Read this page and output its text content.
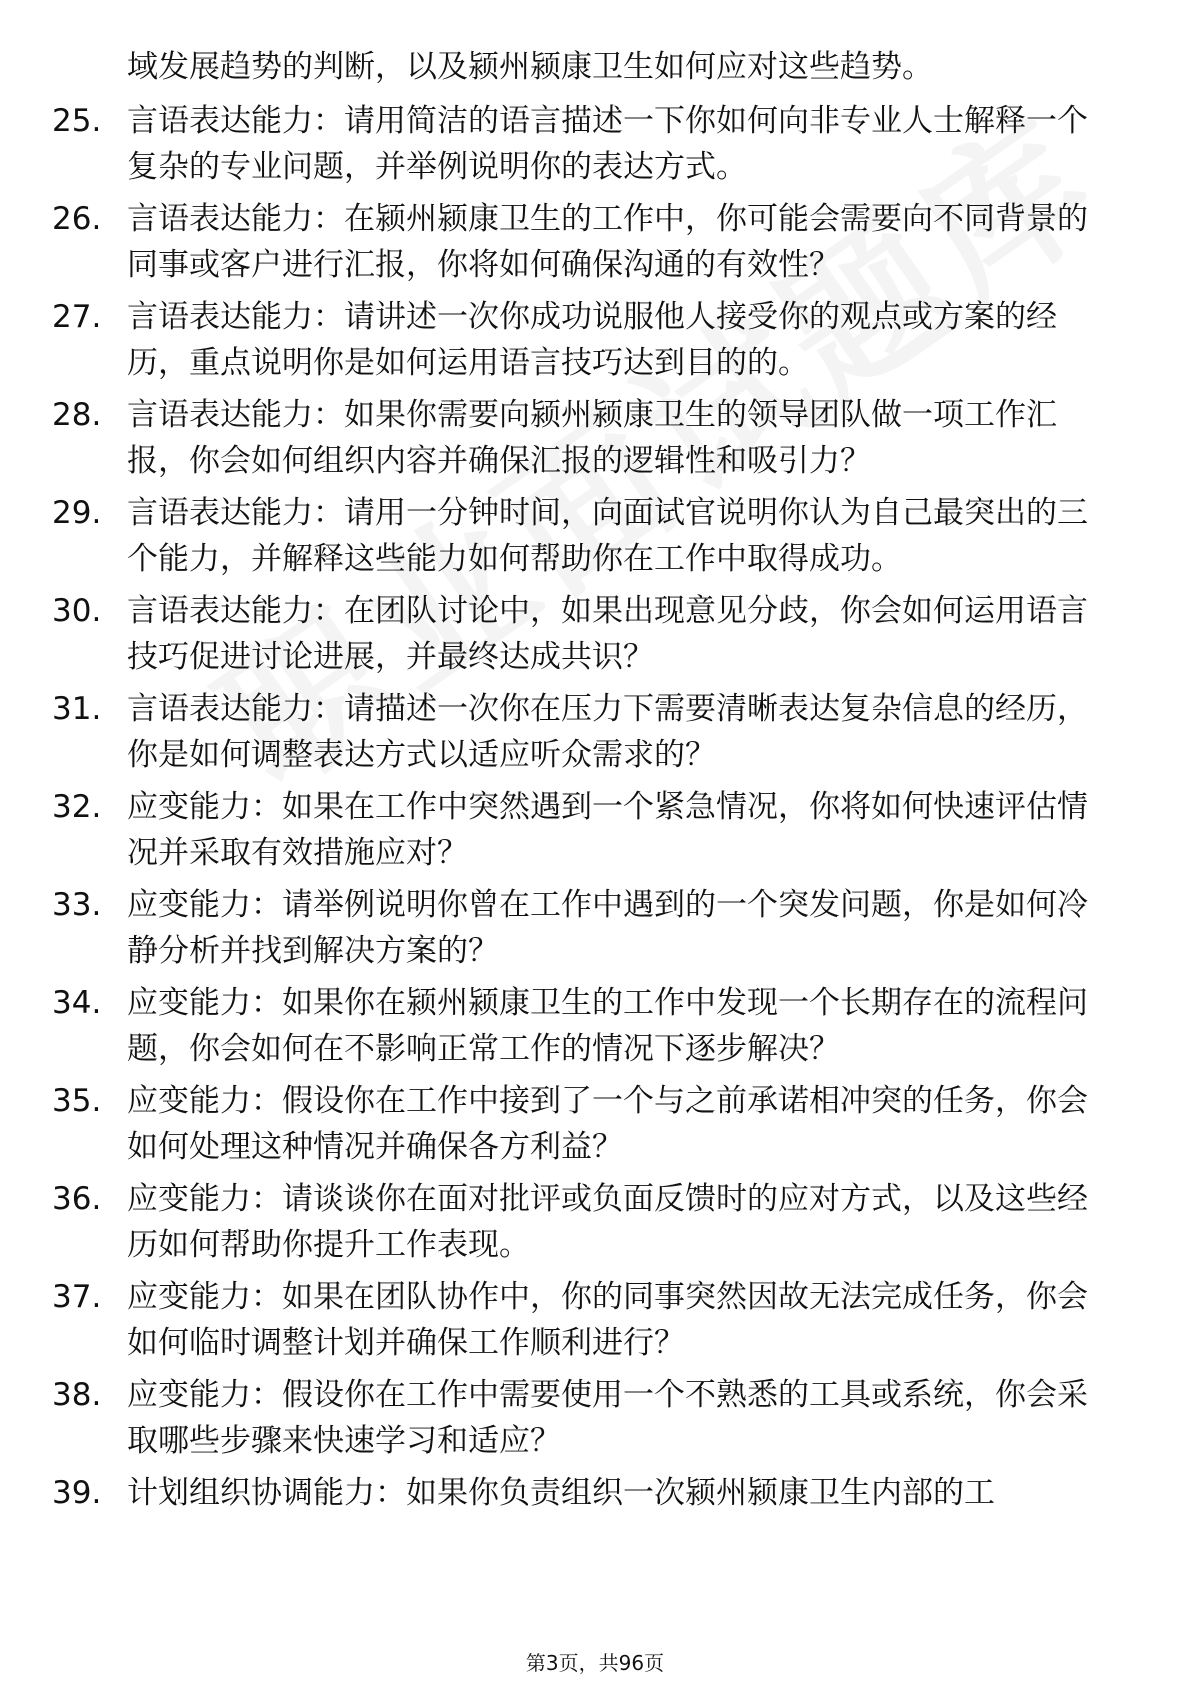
域发展趋势的判断，以及颍州颍康卫生如何应对这些趋势。
25. 言语表达能力：请用简洁的语言描述一下你如何向非专业人士解释一个复杂的专业问题，并举例说明你的表达方式。
26. 言语表达能力：在颍州颍康卫生的工作中，你可能会需要向不同背景的同事或客户进行汇报，你将如何确保沟通的有效性？
27. 言语表达能力：请讲述一次你成功说服他人接受你的观点或方案的经历，重点说明你是如何运用语言技巧达到目的的。
28. 言语表达能力：如果你需要向颍州颍康卫生的领导团队做一项工作汇报，你会如何组织内容并确保汇报的逻辑性和吸引力？
29. 言语表达能力：请用一分钟时间，向面试官说明你认为自己最突出的三个能力，并解释这些能力如何帮助你在工作中取得成功。
30. 言语表达能力：在团队讨论中，如果出现意见分歧，你会如何运用语言技巧促进讨论进展，并最终达成共识？
31. 言语表达能力：请描述一次你在压力下需要清晰表达复杂信息的经历，你是如何调整表达方式以适应听众需求的？
32. 应变能力：如果在工作中突然遇到一个紧急情况，你将如何快速评估情况并采取有效措施应对？
33. 应变能力：请举例说明你曾在工作中遇到的一个突发问题，你是如何冷静分析并找到解决方案的？
34. 应变能力：如果你在颍州颍康卫生的工作中发现一个长期存在的流程问题，你会如何在不影响正常工作的情况下逐步解决？
35. 应变能力：假设你在工作中接到了一个与之前承诺相冲突的任务，你会如何处理这种情况并确保各方利益？
36. 应变能力：请谈谈你在面对批评或负面反馈时的应对方式，以及这些经历如何帮助你提升工作表现。
37. 应变能力：如果在团队协作中，你的同事突然因故无法完成任务，你会如何临时调整计划并确保工作顺利进行？
38. 应变能力：假设你在工作中需要使用一个不熟悉的工具或系统，你会采取哪些步骤来快速学习和适应？
39. 计划组织协调能力：如果你负责组织一次颍州颍康卫生内部的工
第3页，共96页
